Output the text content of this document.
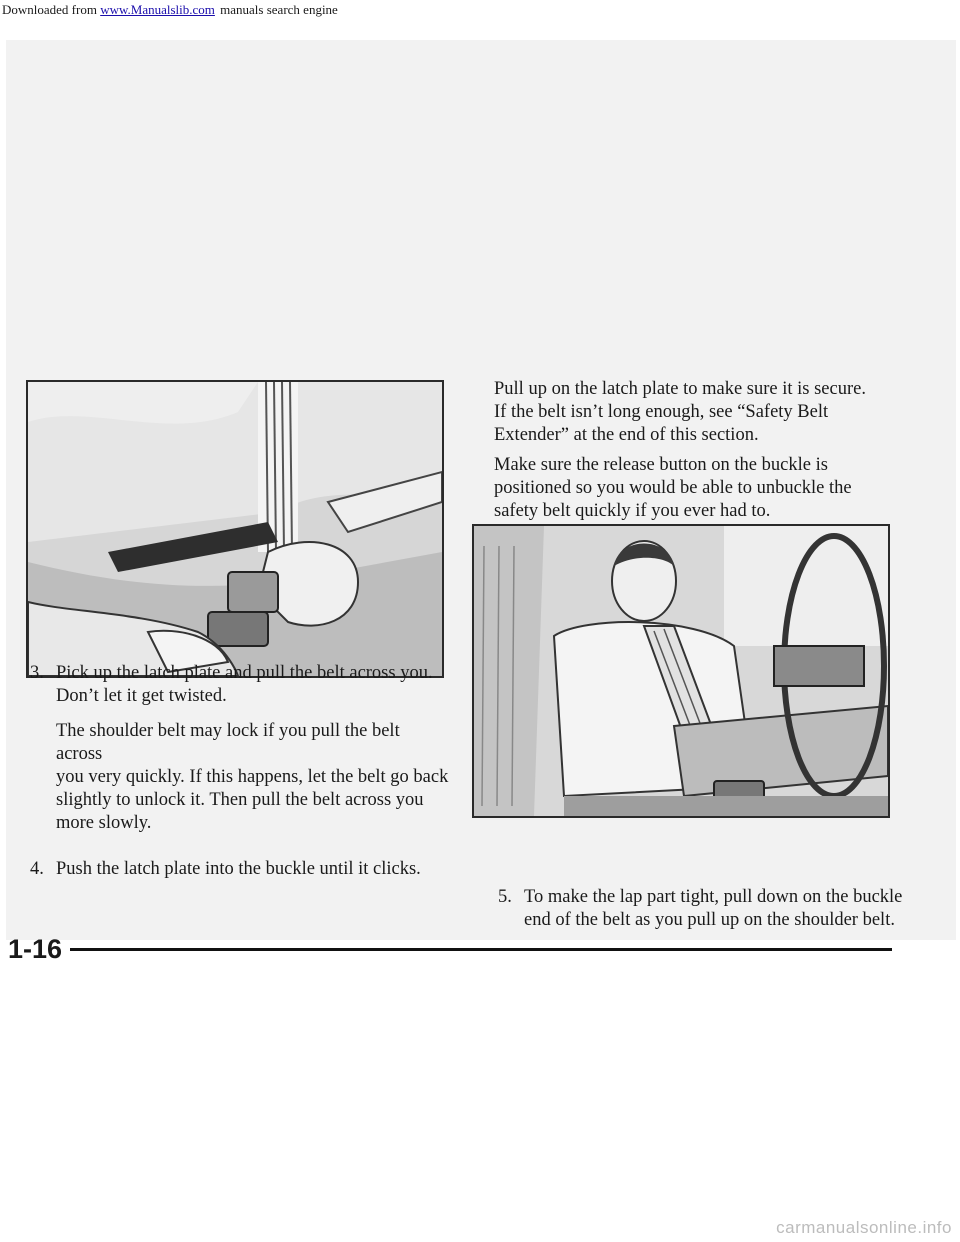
Downloaded from www.Manualslib.com manuals search engine
3. Pick up the latch plate and pull the belt across you.
Don’t let it get twisted.

The shoulder belt may lock if you pull the belt across
you very quickly. If this happens, let the belt go back
slightly to unlock it. Then pull the belt across you
more slowly.

4. Push the latch plate into the buckle until it clicks.

Pull up on the latch plate to make sure it is secure.
If the belt isn’t long enough, see “Safety Belt
Extender” at the end of this section.

Make sure the release button on the buckle is
positioned so you would be able to unbuckle the
safety belt quickly if you ever had to.

5. To make the lap part tight, pull down on the buckle
end of the belt as you pull up on the shoulder belt.
1-16
carmanualsonline.info
